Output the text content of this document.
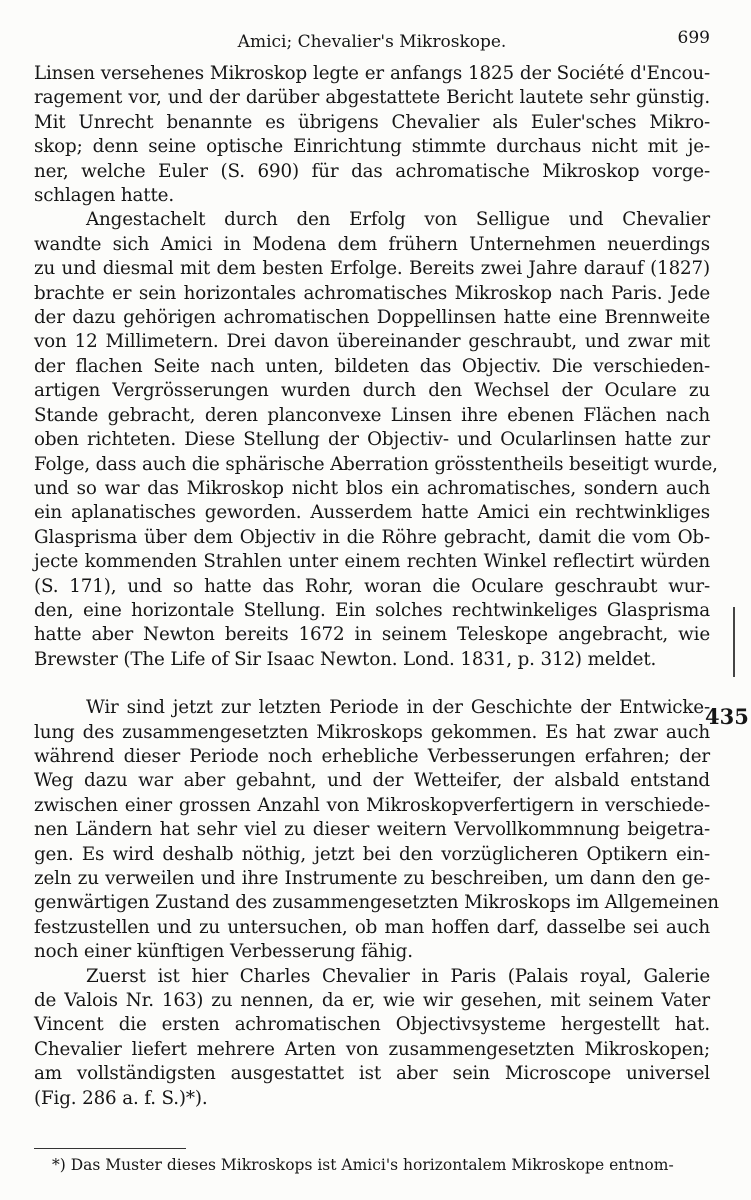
Amici; Chevalier's Mikroskope.	699
Linsen versehenes Mikroskop legte er anfangs 1825 der Société d'Encou-
ragement vor, und der darüber abgestattete Bericht lautete sehr günstig.
Mit Unrecht benannte es übrigens Chevalier als Euler'sches Mikro-
skop; denn seine optische Einrichtung stimmte durchaus nicht mit je-
ner, welche Euler (S. 690) für das achromatische Mikroskop vorge-
schlagen hatte.
Angestachelt durch den Erfolg von Selligue und Chevalier
wandte sich Amici in Modena dem frühern Unternehmen neuerdings
zu und diesmal mit dem besten Erfolge. Bereits zwei Jahre darauf (1827)
brachte er sein horizontales achromatisches Mikroskop nach Paris. Jede
der dazu gehörigen achromatischen Doppellinsen hatte eine Brennweite
von 12 Millimetern. Drei davon übereinander geschraubt, und zwar mit
der flachen Seite nach unten, bildeten das Objectiv. Die verschieden-
artigen Vergrösserungen wurden durch den Wechsel der Oculare zu
Stande gebracht, deren planconvexe Linsen ihre ebenen Flächen nach
oben richteten. Diese Stellung der Objectiv- und Ocularlinsen hatte zur
Folge, dass auch die sphärische Aberration grösstentheils beseitigt wurde,
und so war das Mikroskop nicht blos ein achromatisches, sondern auch
ein aplanatisches geworden. Ausserdem hatte Amici ein rechtwinkliges
Glasprisma über dem Objectiv in die Röhre gebracht, damit die vom Ob-
jecte kommenden Strahlen unter einem rechten Winkel reflectirt würden
(S. 171), und so hatte das Rohr, woran die Oculare geschraubt wur-
den, eine horizontale Stellung. Ein solches rechtwinkeliges Glasprisma
hatte aber Newton bereits 1672 in seinem Teleskope angebracht, wie
Brewster (The Life of Sir Isaac Newton. Lond. 1831, p. 312) meldet.
Wir sind jetzt zur letzten Periode in der Geschichte der Entwicke-
lung des zusammengesetzten Mikroskops gekommen. Es hat zwar auch
während dieser Periode noch erhebliche Verbesserungen erfahren; der
Weg dazu war aber gebahnt, und der Wetteifer, der alsbald entstand
zwischen einer grossen Anzahl von Mikroskopverfertigern in verschiede-
nen Ländern hat sehr viel zu dieser weitern Vervollkommnung beigetra-
gen. Es wird deshalb nöthig, jetzt bei den vorzüglicheren Optikern ein-
zeln zu verweilen und ihre Instrumente zu beschreiben, um dann den ge-
genwärtigen Zustand des zusammengesetzten Mikroskops im Allgemeinen
festzustellen und zu untersuchen, ob man hoffen darf, dasselbe sei auch
noch einer künftigen Verbesserung fähig.
Zuerst ist hier Charles Chevalier in Paris (Palais royal, Galerie
de Valois Nr. 163) zu nennen, da er, wie wir gesehen, mit seinem Vater
Vincent die ersten achromatischen Objectivsysteme hergestellt hat.
Chevalier liefert mehrere Arten von zusammengesetzten Mikroskopen;
am vollständigsten ausgestattet ist aber sein Microscope universel
(Fig. 286 a. f. S.)*).
435
*) Das Muster dieses Mikroskops ist Amici's horizontalem Mikroskope entnom-
